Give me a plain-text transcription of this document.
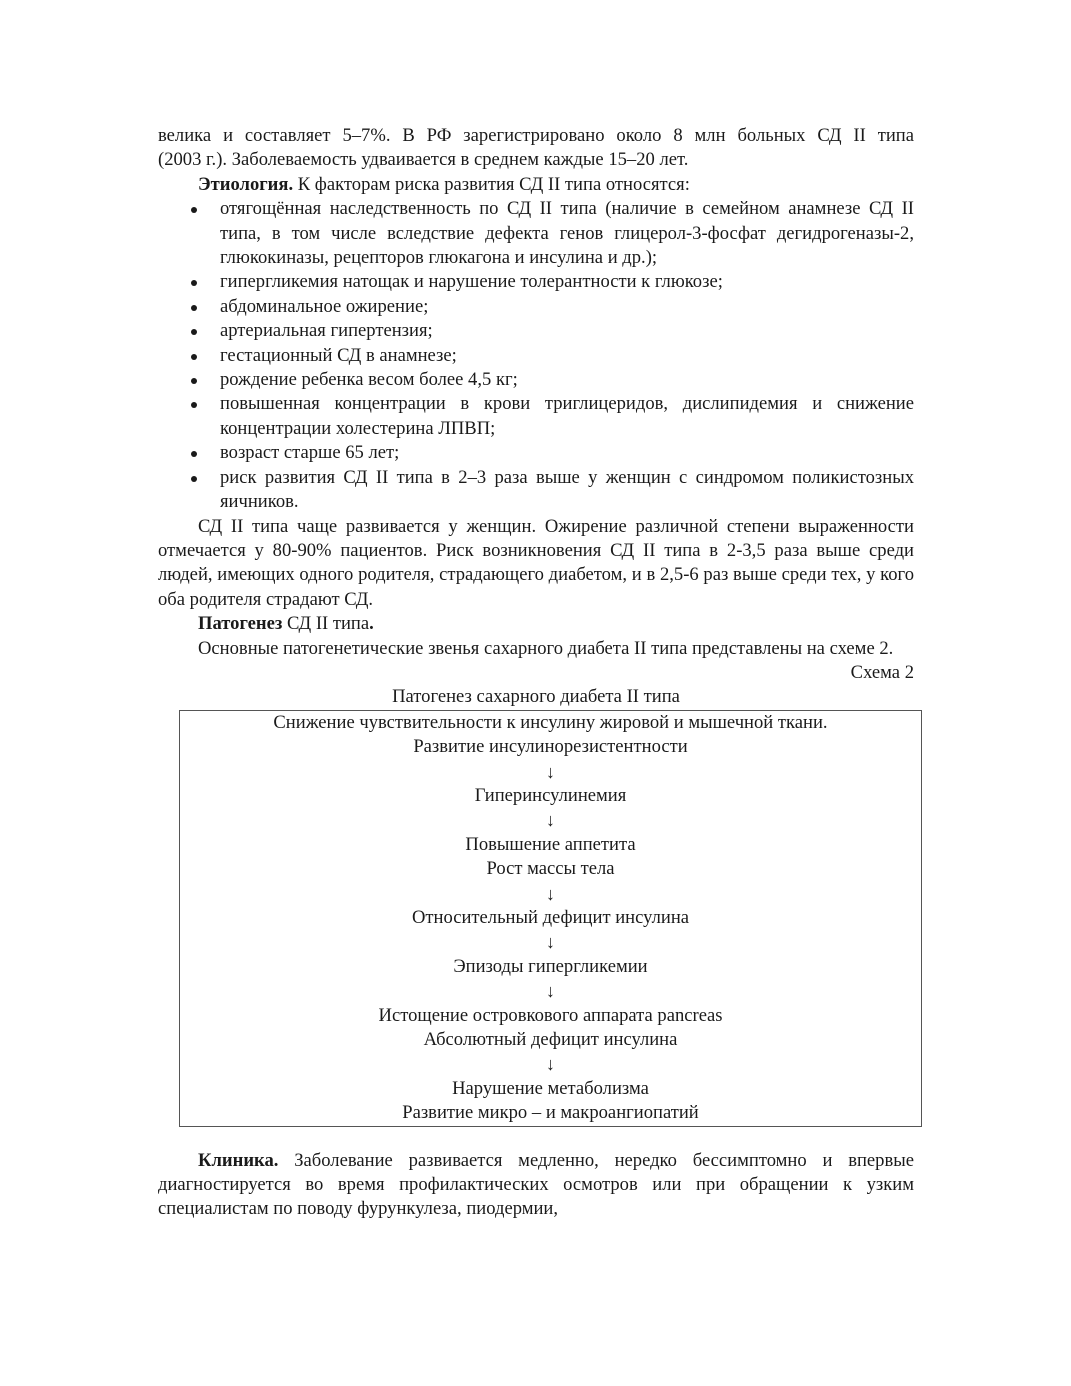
велика и составляет 5–7%. В РФ зарегистрировано около 8 млн больных СД II типа

(2003 г.). Заболеваемость удваивается в среднем каждые 15–20 лет.

Этиология. К факторам риска развития СД II типа относятся:

отягощённая наследственность по СД II типа (наличие в семейном анамнезе СД II типа, в том числе вследствие дефекта генов глицерол-3-фосфат дегидрогеназы-2, глюкокиназы, рецепторов глюкагона и инсулина и др.);
гипергликемия натощак и нарушение толерантности к глюкозе;
абдоминальное ожирение;
артериальная гипертензия;
гестационный СД в анамнезе;
рождение ребенка весом более 4,5 кг;
повышенная концентрации в крови триглицеридов, дислипидемия и снижение концентрации холестерина ЛПВП;
возраст старше 65 лет;
риск развития СД II типа в 2–3 раза выше у женщин с синдромом поликистозных яичников.

СД II типа чаще развивается у женщин. Ожирение различной степени выраженности отмечается у 80-90% пациентов. Риск возникновения СД II типа в 2-3,5 раза выше среди людей, имеющих одного родителя, страдающего диабетом, и в 2,5-6 раз выше среди тех, у кого оба родителя страдают СД.

Патогенез СД II типа.

Основные патогенетические звенья сахарного диабета II типа представлены на схеме 2.

Схема 2

Патогенез сахарного диабета II типа

Снижение чувствительности к инсулину жировой и мышечной ткани.
Развитие инсулинорезистентности
↓
Гиперинсулинемия
↓
Повышение аппетита
Рост массы тела
↓
Относительный дефицит инсулина
↓
Эпизоды гипергликемии
↓
Истощение островкового аппарата pancreas
Абсолютный дефицит инсулина
↓
Нарушение метаболизма
Развитие микро – и макроангиопатий

Клиника. Заболевание развивается медленно, нередко бессимптомно и впервые диагностируется во время профилактических осмотров или при обращении к узким специалистам по поводу фурункулеза, пиодермии,
